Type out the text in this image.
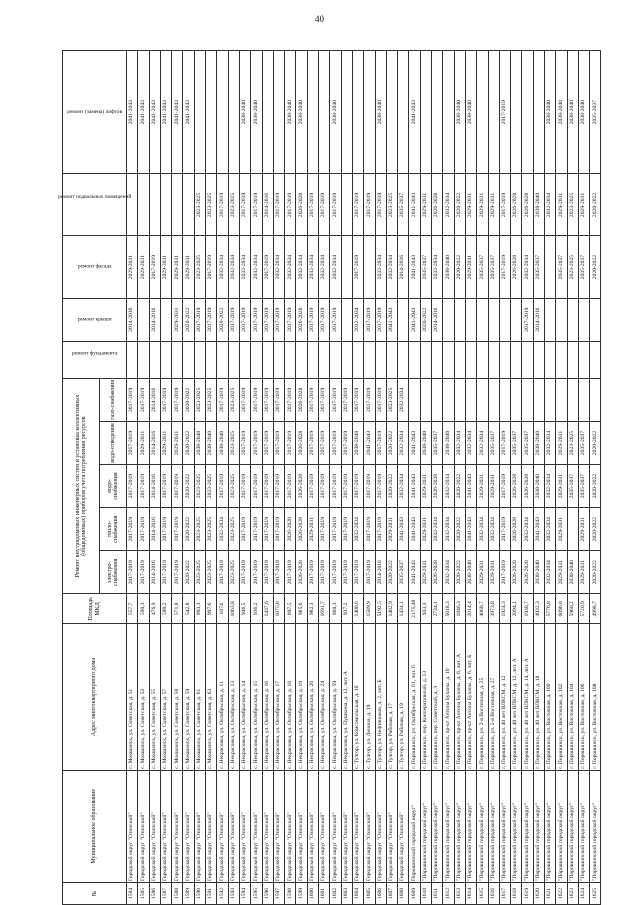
40
№	Муниципальное образование	Адрес многоквартирного дома	Площадь МКД	Ремонт внутридомовых инженерных систем и установка коллективных (общедомовых) приборов учета потребления ресурсов					ремонт фундамента	ремонт крыши	ремонт фасада	ремонт подвальных помещений	ремонт (замена) лифтов
				электро-снабжения	тепло-снабжения	водо-снабжения	водо-отведения	газо-снабжения					
1584	Городской округ "Озинский"	с. Мокшанск, ул. Советская, д. 51	557,7	2017-2019	2017-2019	2017-2019	2017-2019	2017-2019		2014-2016	2029-2031		2041-2043
1585	Городской округ "Озинский"	с. Мокшанск, ул. Советская, д. 53	590,3	2017-2019	2017-2019	2017-2019	2029-2031	2017-2019			2029-2031		2041-2043
1586	Городской округ "Озинский"	с. Мокшанск, ул. Советская, д. 55	476,9	2014-2016	2014-2016	2014-2016	2014-2016	2014-2016		2014-2016	2017-2019		2041-2043
1587	Городской округ "Озинский"	с. Мокшанск, ул. Советская, д. 57	590,2	2017-2019	2017-2019	2017-2019	2029-2031	2017-2019			2029-2031		2041-2043
1588	Городской округ "Озинский"	с. Мокшанск, ул. Советская, д. 58	571,8	2017-2019	2017-2019	2017-2019	2029-2031	2017-2019		2029-2031	2029-2031		2041-2043
1589	Городской округ "Озинский"	с. Мокшанск, ул. Советская, д. 59	542,8	2020-2022	2020-2022	2020-2022	2020-2022	2020-2022		2020-2022	2029-2031		2041-2043
1590	Городской округ "Озинский"	с. Мокшанск, ул. Советская, д. 61	993,3	2023-2025	2023-2025	2023-2025	2038-2040	2023-2025		2017-2019	2023-2025	2023-2025	
1591	Городской округ "Озинский"	с. Мокшанск, ул. Советская, д. 63	997,6	2023-2025	2023-2025	2023-2025	2038-2040	2023-2025		2017-2019	2017-2019	2023-2025	
1592	Городской округ "Озинский"	с. Некрасовка, ул. Октябрьская, д. 11	1074	2017-2019	2032-2034	2017-2019	2038-2040	2017-2019		2020-2022	2032-2034	2017-2019	
1593	Городской округ "Озинский"	с. Некрасовка, ул. Октябрьская, д. 13	1063,8	2023-2025	2023-2025	2023-2025	2023-2025	2023-2025		2017-2019	2032-2034	2023-2025	
1594	Городской округ "Озинский"	с. Некрасовка, ул. Октябрьская, д. 14	946,5	2017-2019	2017-2019	2017-2019	2017-2019	2017-2019		2017-2019	2032-2034	2017-2019	2038-2040
1595	Городской округ "Озинский"	с. Некрасовка, ул. Октябрьская, д. 15	936,2	2017-2019	2017-2019	2017-2019	2017-2019	2017-2019		2017-2019	2032-2034	2017-2019	2038-2040
1596	Городской округ "Озинский"	с. Некрасовка, ул. Октябрьская, д. 16	1437,6	2017-2019	2017-2019	2017-2019	2017-2019	2017-2019		2017-2019	2017-2019	2014-2016	
1597	Городской округ "Озинский"	с. Некрасовка, ул. Октябрьская, д. 17	1075,8	2017-2019	2017-2019	2017-2019	2017-2019	2017-2019		2017-2019	2032-2034	2017-2019	
1598	Городской округ "Озинский"	с. Некрасовка, ул. Октябрьская, д. 18	897,5	2017-2019	2026-2028	2017-2019	2017-2019	2017-2019		2017-2019	2032-2034	2017-2019	2038-2040
1599	Городской округ "Озинский"	с. Некрасовка, ул. Октябрьская, д. 19	985,6	2026-2028	2026-2028	2026-2028	2026-2028	2026-2028		2026-2028	2032-2034	2026-2028	2038-2040
1600	Городской округ "Озинский"	с. Некрасовка, ул. Октябрьская, д. 20	982,3	2017-2019	2029-2031	2017-2019	2017-2019	2017-2019		2017-2019	2032-2034	2017-2019	
1601	Городской округ "Озинский"	с. Некрасовка, ул. Октябрьская, д. 24	1691,7	2017-2019	2017-2019	2017-2019	2017-2019	2017-2019		2017-2019	2032-2034	2017-2019	
1602	Городской округ "Озинский"	с. Некрасовка, ул. Октябрьская, д. 59	860,3	2017-2019	2017-2019	2017-2019	2017-2019	2017-2019		2017-2019	2032-2034	2017-2019	2038-2040
1603	Городской округ "Озинский"	с. Некрасовка, ул. Пушкина, д. 13, лит. А	937,2	2017-2019	2017-2019	2017-2019	2017-2019	2017-2019					
1604	Городской округ "Озинский"	с. Тулгор, ул. Комсомольская, д. 10	1400,6	2017-2019	2032-2034	2017-2019	2038-2040	2017-2019		2032-2034	2017-2019	2017-2019	
1605	Городской округ "Озинский"	с. Тулгор, ул. Ленина, д. 19	1589,9	2017-2019	2017-2019	2017-2019	2041-2043	2017-2019		2017-2019		2017-2019	
1606	Городской округ "Озинский"	с. Тулгор, ул. Нефтяников, д. 2, лит. Б	5192,5	2014-2016	2017-2019	2017-2019	2017-2019	2017-2019		2017-2019	2032-2034	2017-2019	2038-2040
1607	Городской округ "Озинский"	с. Тулгор, ул. Рабочая, д. 17	1402,9	2020-2022	2029-2031	2020-2022	2020-2022	2023-2025		2041-2043	2032-2034	2023-2025	
1608	Городской округ "Озинский"	с. Тулгор, ул. Рабочая, д. 19	1434,1	2035-2037	2041-2043	2032-2034	2032-2034	2032-2034			2014-2016	2035-2037	
1609	Порошинский городской округ"	г. Порошинск, ул. Октябрьская, д. 61, лит. б	2175,48	2041-2043	2041-2043	2041-2043	2041-2043			2041-2043	2041-2043	2041-2043	2041-2043
1610	"Порошинский городской округ"	г. Порошинск, пер. Кооперативный, д. 13	933,3	2029-2031	2029-2031	2029-2031	2038-2040			2020-2022	2035-2037	2029-2031	
1611	"Порошинский городской округ"	г. Порошинск, пер. Советский, д. 3	2734,1	2026-2028	2032-2034	2026-2028	2035-2037			2014-2016	2032-2034	2026-2028	
1612	"Порошинский городской округ"	г. Порошинск, пр-кт Антона Буханы, д. 10	5018,3	2032-2034	2032-2034	2032-2034	2038-2040				2038-2040	2032-2034	
1613	"Порошинский городской округ"	г. Порошинск, пр-кт Антона Буханы, д. 6, лит. А	1846,3	2020-2022	2020-2022	2020-2022	2032-2034				2020-2022	2020-2022	2038-2040
1614	"Порошинский городской округ"	г. Порошинск, пр-кт Антона Буханы, д. 6, лит. Б	2014,4	2038-2040	2041-2043	2041-2043	2032-2034				2029-2031	2029-2031	2038-2040
1615	"Порошинский городской округ"	г. Порошинск, ул. 2-я Восточная, д. 25	4068,7	2029-2031	2032-2034	2029-2031	2032-2034				2035-2037	2029-2031	
1616	"Порошинский городской округ"	г. Порошинск, ул. 2-я Восточная, д. 27	3973,8	2029-2031	2032-2034	2029-2031	2035-2037				2035-2037	2029-2031	
1617	"Порошинский городской округ"	г. Порошинск, ул. 40 лет ВЛКСМ, д. 12	1924,3	2017-2019	2017-2019	2017-2019	2017-2019				2017-2019	2017-2019	2017-2019
1618	"Порошинский городской округ"	г. Порошинск, ул. 40 лет ВЛКСМ, д. 12, лит. А	2094,1	2026-2028	2026-2028	2026-2028	2035-2037				2026-2028	2026-2028	
1619	"Порошинский городской округ"	г. Порошинск, ул. 40 лет ВЛКСМ, д. 14, лит. А	1930,7	2026-2028	2032-2034	2026-2028	2035-2037			2017-2019	2032-2034	2026-2028	
1620	"Порошинский городской округ"	г. Порошинск, ул. 40 лет ВЛКСМ, д. 18	4932,3	2038-2040	2041-2043	2038-2040	2038-2040			2014-2016	2035-2037	2038-2040	
1621	"Порошинский городской округ"	г. Порошинск, ул. Восточная, д. 100	5776,8	2032-2034	2032-2034	2032-2034	2032-2034					2032-2034	2038-2040
1622	"Порошинский городской округ"	г. Порошинск, ул. Восточная, д. 102	6096,8	2029-2031	2029-2031	2029-2031	2029-2031				2035-2037	2029-2031	2038-2040
1623	"Порошинский городской округ"	г. Порошинск, ул. Восточная, д. 104	5960,2	2038-2040		2035-2037	2023-2025				2023-2025	2023-2025	2038-2040
1624	"Порошинский городской округ"	г. Порошинск, ул. Восточная, д. 106	5720,9	2029-2031	2029-2031	2035-2037	2035-2037				2035-2037	2029-2031	2038-2040
1625	"Порошинский городской округ"	г. Порошинск, ул. Восточная, д. 108	4998,7	2020-2022	2020-2022	2020-2022	2020-2022				2020-2022	2020-2022	2035-2037
